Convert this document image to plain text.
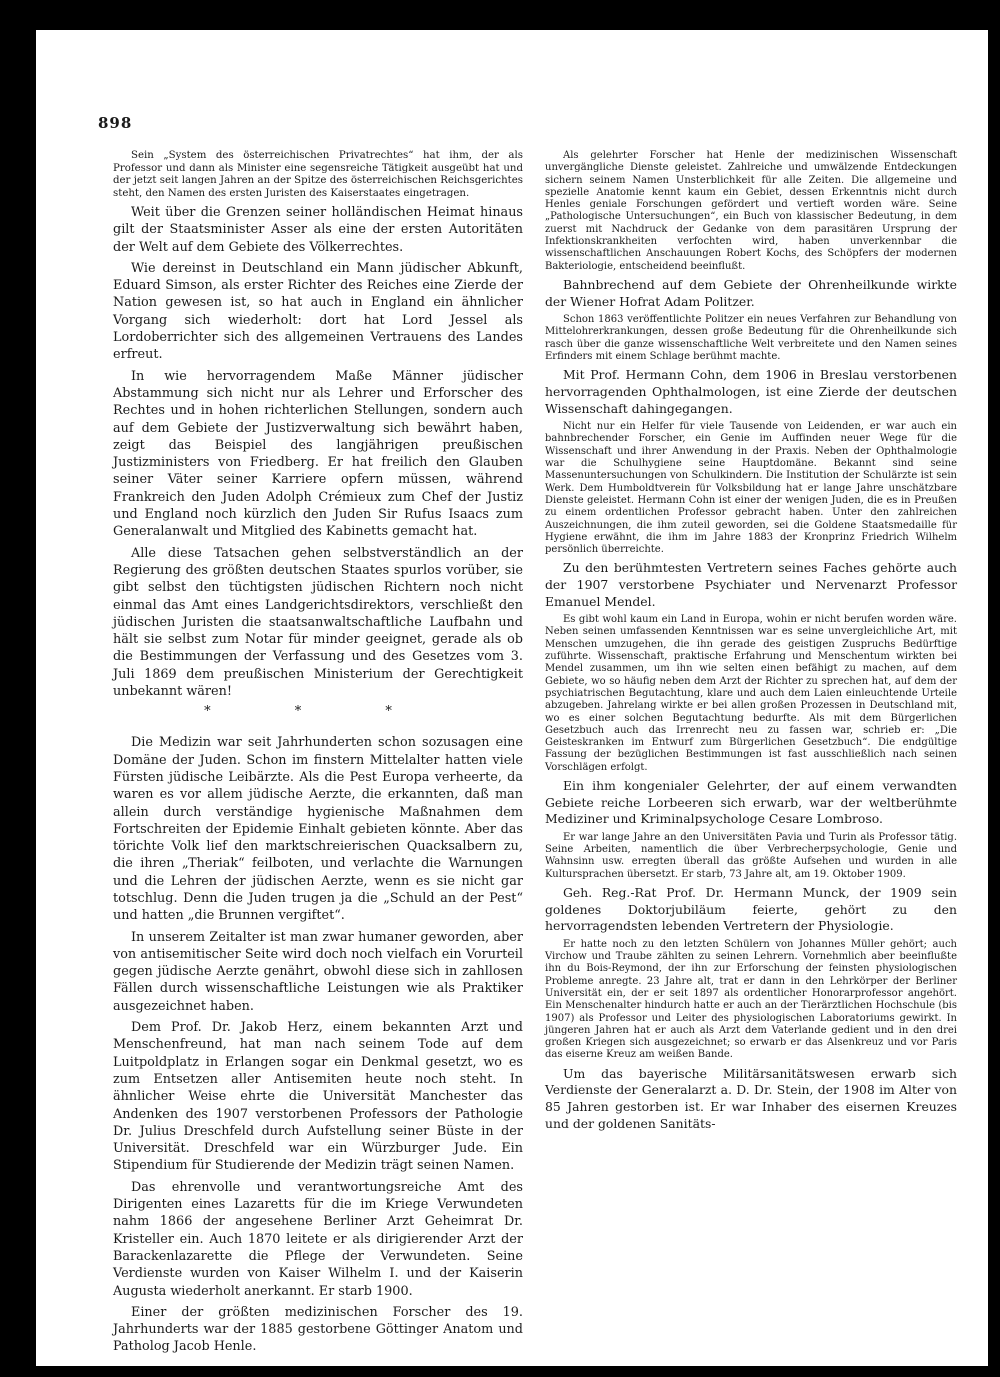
898

Sein „System des österreichischen Privatrechtes“ hat ihm, der als Professor und dann als Minister eine segensreiche Tätigkeit ausgeübt hat und der jetzt seit langen Jahren an der Spitze des österreichischen Reichsgerichtes steht, den Namen des ersten Juristen des Kaiserstaates eingetragen.

Weit über die Grenzen seiner holländischen Heimat hinaus gilt der Staatsminister Asser als eine der ersten Autoritäten der Welt auf dem Gebiete des Völkerrechtes.

Wie dereinst in Deutschland ein Mann jüdischer Abkunft, Eduard Simson, als erster Richter des Reiches eine Zierde der Nation gewesen ist, so hat auch in England ein ähnlicher Vorgang sich wiederholt: dort hat Lord Jessel als Lordoberrichter sich des allgemeinen Vertrauens des Landes erfreut.

In wie hervorragendem Maße Männer jüdischer Abstammung sich nicht nur als Lehrer und Erforscher des Rechtes und in hohen richterlichen Stellungen, sondern auch auf dem Gebiete der Justizverwaltung sich bewährt haben, zeigt das Beispiel des langjährigen preußischen Justizministers von Friedberg. Er hat freilich den Glauben seiner Väter seiner Karriere opfern müssen, während Frankreich den Juden Adolph Crémieux zum Chef der Justiz und England noch kürzlich den Juden Sir Rufus Isaacs zum Generalanwalt und Mitglied des Kabinetts gemacht hat.

Alle diese Tatsachen gehen selbstverständlich an der Regierung des größten deutschen Staates spurlos vorüber, sie gibt selbst den tüchtigsten jüdischen Richtern noch nicht einmal das Amt eines Landgerichtsdirektors, verschließt den jüdischen Juristen die staatsanwaltschaftliche Laufbahn und hält sie selbst zum Notar für minder geeignet, gerade als ob die Bestimmungen der Verfassung und des Gesetzes vom 3. Juli 1869 dem preußischen Ministerium der Gerechtigkeit unbekannt wären!

* * *

Die Medizin war seit Jahrhunderten schon sozusagen eine Domäne der Juden. Schon im finstern Mittelalter hatten viele Fürsten jüdische Leibärzte. Als die Pest Europa verheerte, da waren es vor allem jüdische Aerzte, die erkannten, daß man allein durch verständige hygienische Maßnahmen dem Fortschreiten der Epidemie Einhalt gebieten könnte. Aber das törichte Volk lief den marktschreierischen Quacksalbern zu, die ihren „Theriak“ feilboten, und verlachte die Warnungen und die Lehren der jüdischen Aerzte, wenn es sie nicht gar totschlug. Denn die Juden trugen ja die „Schuld an der Pest“ und hatten „die Brunnen vergiftet“.

In unserem Zeitalter ist man zwar humaner geworden, aber von antisemitischer Seite wird doch noch vielfach ein Vorurteil gegen jüdische Aerzte genährt, obwohl diese sich in zahllosen Fällen durch wissenschaftliche Leistungen wie als Praktiker ausgezeichnet haben.

Dem Prof. Dr. Jakob Herz, einem bekannten Arzt und Menschenfreund, hat man nach seinem Tode auf dem Luitpoldplatz in Erlangen sogar ein Denkmal gesetzt, wo es zum Entsetzen aller Antisemiten heute noch steht. In ähnlicher Weise ehrte die Universität Manchester das Andenken des 1907 verstorbenen Professors der Pathologie Dr. Julius Dreschfeld durch Aufstellung seiner Büste in der Universität. Dreschfeld war ein Würzburger Jude. Ein Stipendium für Studierende der Medizin trägt seinen Namen.

Das ehrenvolle und verantwortungsreiche Amt des Dirigenten eines Lazaretts für die im Kriege Verwundeten nahm 1866 der angesehene Berliner Arzt Geheimrat Dr. Kristeller ein. Auch 1870 leitete er als dirigierender Arzt der Barackenlazarette die Pflege der Verwundeten. Seine Verdienste wurden von Kaiser Wilhelm I. und der Kaiserin Augusta wiederholt anerkannt. Er starb 1900.

Einer der größten medizinischen Forscher des 19. Jahrhunderts war der 1885 gestorbene Göttinger Anatom und Patholog Jacob Henle.

Als gelehrter Forscher hat Henle der medizinischen Wissenschaft unvergängliche Dienste geleistet. Zahlreiche und umwälzende Entdeckungen sichern seinem Namen Unsterblichkeit für alle Zeiten. Die allgemeine und spezielle Anatomie kennt kaum ein Gebiet, dessen Erkenntnis nicht durch Henles geniale Forschungen gefördert und vertieft worden wäre. Seine „Pathologische Untersuchungen“, ein Buch von klassischer Bedeutung, in dem zuerst mit Nachdruck der Gedanke von dem parasitären Ursprung der Infektionskrankheiten verfochten wird, haben unverkennbar die wissenschaftlichen Anschauungen Robert Kochs, des Schöpfers der modernen Bakteriologie, entscheidend beeinflußt.

Bahnbrechend auf dem Gebiete der Ohrenheilkunde wirkte der Wiener Hofrat Adam Politzer.

Schon 1863 veröffentlichte Politzer ein neues Verfahren zur Behandlung von Mittelohrerkrankungen, dessen große Bedeutung für die Ohrenheilkunde sich rasch über die ganze wissenschaftliche Welt verbreitete und den Namen seines Erfinders mit einem Schlage berühmt machte.

Mit Prof. Hermann Cohn, dem 1906 in Breslau verstorbenen hervorragenden Ophthalmologen, ist eine Zierde der deutschen Wissenschaft dahingegangen.

Nicht nur ein Helfer für viele Tausende von Leidenden, er war auch ein bahnbrechender Forscher, ein Genie im Auffinden neuer Wege für die Wissenschaft und ihrer Anwendung in der Praxis. Neben der Ophthalmologie war die Schulhygiene seine Hauptdomäne. Bekannt sind seine Massenuntersuchungen von Schulkindern. Die Institution der Schulärzte ist sein Werk. Dem Humboldtverein für Volksbildung hat er lange Jahre unschätzbare Dienste geleistet. Hermann Cohn ist einer der wenigen Juden, die es in Preußen zu einem ordentlichen Professor gebracht haben. Unter den zahlreichen Auszeichnungen, die ihm zuteil geworden, sei die Goldene Staatsmedaille für Hygiene erwähnt, die ihm im Jahre 1883 der Kronprinz Friedrich Wilhelm persönlich überreichte.

Zu den berühmtesten Vertretern seines Faches gehörte auch der 1907 verstorbene Psychiater und Nervenarzt Professor Emanuel Mendel.

Es gibt wohl kaum ein Land in Europa, wohin er nicht berufen worden wäre. Neben seinen umfassenden Kenntnissen war es seine unvergleichliche Art, mit Menschen umzugehen, die ihn gerade des geistigen Zuspruchs Bedürftige zuführte. Wissenschaft, praktische Erfahrung und Menschentum wirkten bei Mendel zusammen, um ihn wie selten einen befähigt zu machen, auf dem Gebiete, wo so häufig neben dem Arzt der Richter zu sprechen hat, auf dem der psychiatrischen Begutachtung, klare und auch dem Laien einleuchtende Urteile abzugeben. Jahrelang wirkte er bei allen großen Prozessen in Deutschland mit, wo es einer solchen Begutachtung bedurfte. Als mit dem Bürgerlichen Gesetzbuch auch das Irrenrecht neu zu fassen war, schrieb er: „Die Geisteskranken im Entwurf zum Bürgerlichen Gesetzbuch“. Die endgültige Fassung der bezüglichen Bestimmungen ist fast ausschließlich nach seinen Vorschlägen erfolgt.

Ein ihm kongenialer Gelehrter, der auf einem verwandten Gebiete reiche Lorbeeren sich erwarb, war der weltberühmte Mediziner und Kriminalpsychologe Cesare Lombroso.

Er war lange Jahre an den Universitäten Pavia und Turin als Professor tätig. Seine Arbeiten, namentlich die über Verbrecherpsychologie, Genie und Wahnsinn usw. erregten überall das größte Aufsehen und wurden in alle Kultursprachen übersetzt. Er starb, 73 Jahre alt, am 19. Oktober 1909.

Geh. Reg.-Rat Prof. Dr. Hermann Munck, der 1909 sein goldenes Doktorjubiläum feierte, gehört zu den hervorragendsten lebenden Vertretern der Physiologie.

Er hatte noch zu den letzten Schülern von Johannes Müller gehört; auch Virchow und Traube zählten zu seinen Lehrern. Vornehmlich aber beeinflußte ihn du Bois-Reymond, der ihn zur Erforschung der feinsten physiologischen Probleme anregte. 23 Jahre alt, trat er dann in den Lehrkörper der Berliner Universität ein, der er seit 1897 als ordentlicher Honorarprofessor angehört. Ein Menschenalter hindurch hatte er auch an der Tierärztlichen Hochschule (bis 1907) als Professor und Leiter des physiologischen Laboratoriums gewirkt. In jüngeren Jahren hat er auch als Arzt dem Vaterlande gedient und in den drei großen Kriegen sich ausgezeichnet; so erwarb er das Alsenkreuz und vor Paris das eiserne Kreuz am weißen Bande.

Um das bayerische Militärsanitätswesen erwarb sich Verdienste der Generalarzt a. D. Dr. Stein, der 1908 im Alter von 85 Jahren gestorben ist. Er war Inhaber des eisernen Kreuzes und der goldenen Sanitäts-
